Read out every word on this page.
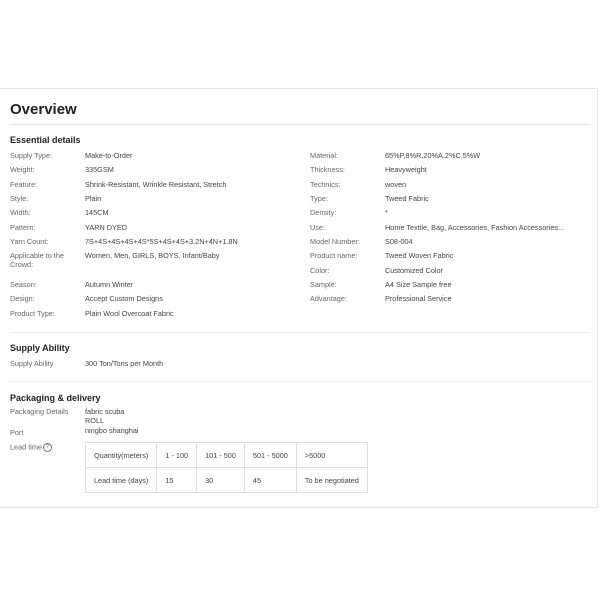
Overview
Essential details
Supply Type:	Make-to-Order
Weight:	335GSM
Feature:	Shrink-Resistant, Wrinkle Resistant, Stretch
Style:	Plain
Width:	145CM
Pattern:	YARN DYED
Yarn Count:	7S+4S+4S+4S+4S*5S+4S+4S+3.2N+4N+1.8N
Applicable to the Crowd:
Women, Men, GIRLS, BOYS, Infant/Baby
Season:	Autumn Winter
Design:	Accept Custom Designs
Product Type:	Plain Wool Overcoat Fabric
Material:	65%P,8%R,20%A,2%C,5%W
Thickness:	Heavyweight
Technics:	woven
Type:	Tweed Fabric
Density:	*
Use:	Home Textile, Bag, Accessories, Fashion Accessories...
Model Number:	S08-004
Product name:	Tweed Woven Fabric
Color:	Customized Color
Sample:	A4 Size Sample free
Advantage:	Professional Service
Supply Ability
Supply Ability	300 Ton/Tons per Month
Packaging & delivery
Packaging Details	fabric scuba
ROLL
Port	ningbo shanghai
Lead time ?
Quantity(meters)	1 - 100	101 - 500	501 - 5000	>5000
Lead time (days)	15	30	45	To be negotiated
